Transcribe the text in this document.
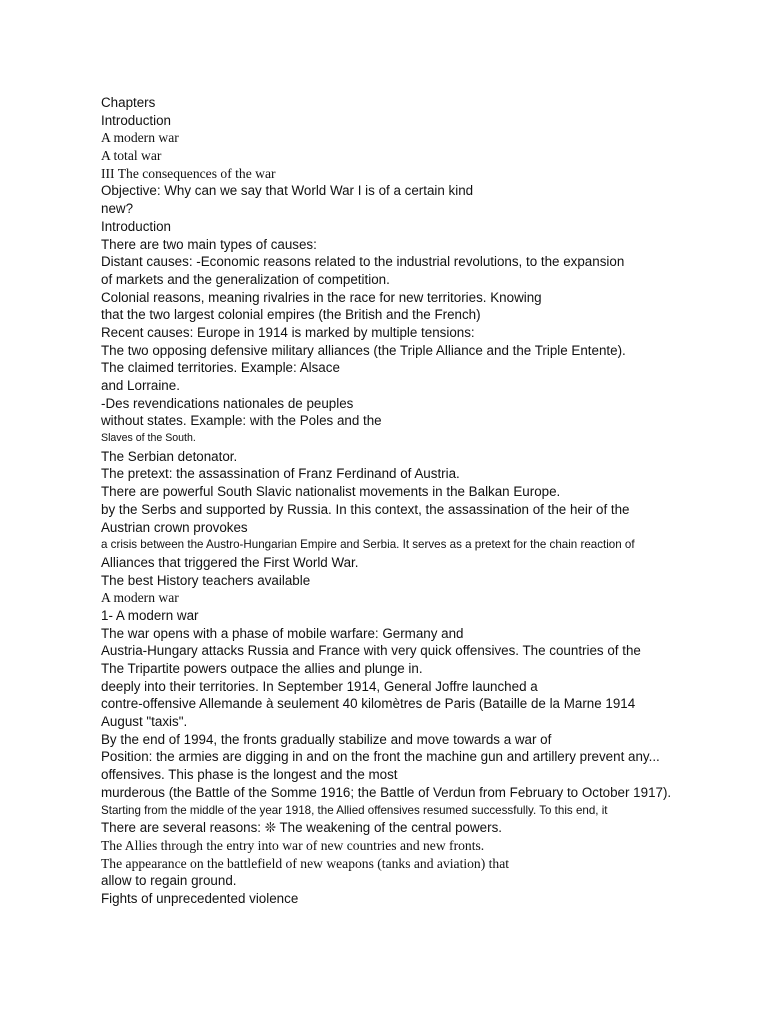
Chapters
Introduction
A modern war
A total war
III The consequences of the war
Objective: Why can we say that World War I is of a certain kind
new?
Introduction
There are two main types of causes:
Distant causes: -Economic reasons related to the industrial revolutions, to the expansion
of markets and the generalization of competition.
Colonial reasons, meaning rivalries in the race for new territories. Knowing
that the two largest colonial empires (the British and the French)
Recent causes: Europe in 1914 is marked by multiple tensions:
The two opposing defensive military alliances (the Triple Alliance and the Triple Entente).
The claimed territories. Example: Alsace
and Lorraine.
-Des revendications nationales de peuples
without states. Example: with the Poles and the
Slaves of the South.
The Serbian detonator.
The pretext: the assassination of Franz Ferdinand of Austria.
There are powerful South Slavic nationalist movements in the Balkan Europe.
by the Serbs and supported by Russia. In this context, the assassination of the heir of the
Austrian crown provokes
a crisis between the Austro-Hungarian Empire and Serbia. It serves as a pretext for the chain reaction of
Alliances that triggered the First World War.
The best History teachers available
A modern war
1- A modern war
The war opens with a phase of mobile warfare: Germany and
Austria-Hungary attacks Russia and France with very quick offensives. The countries of the
The Tripartite powers outpace the allies and plunge in.
deeply into their territories. In September 1914, General Joffre launched a
contre-offensive Allemande à seulement 40 kilomètres de Paris (Bataille de la Marne 1914
August "taxis".
By the end of 1994, the fronts gradually stabilize and move towards a war of
Position: the armies are digging in and on the front the machine gun and artillery prevent any...
offensives. This phase is the longest and the most
murderous (the Battle of the Somme 1916; the Battle of Verdun from February to October 1917).
Starting from the middle of the year 1918, the Allied offensives resumed successfully. To this end, it
There are several reasons: ❊ The weakening of the central powers.
The Allies through the entry into war of new countries and new fronts.
The appearance on the battlefield of new weapons (tanks and aviation) that
allow to regain ground.
Fights of unprecedented violence
